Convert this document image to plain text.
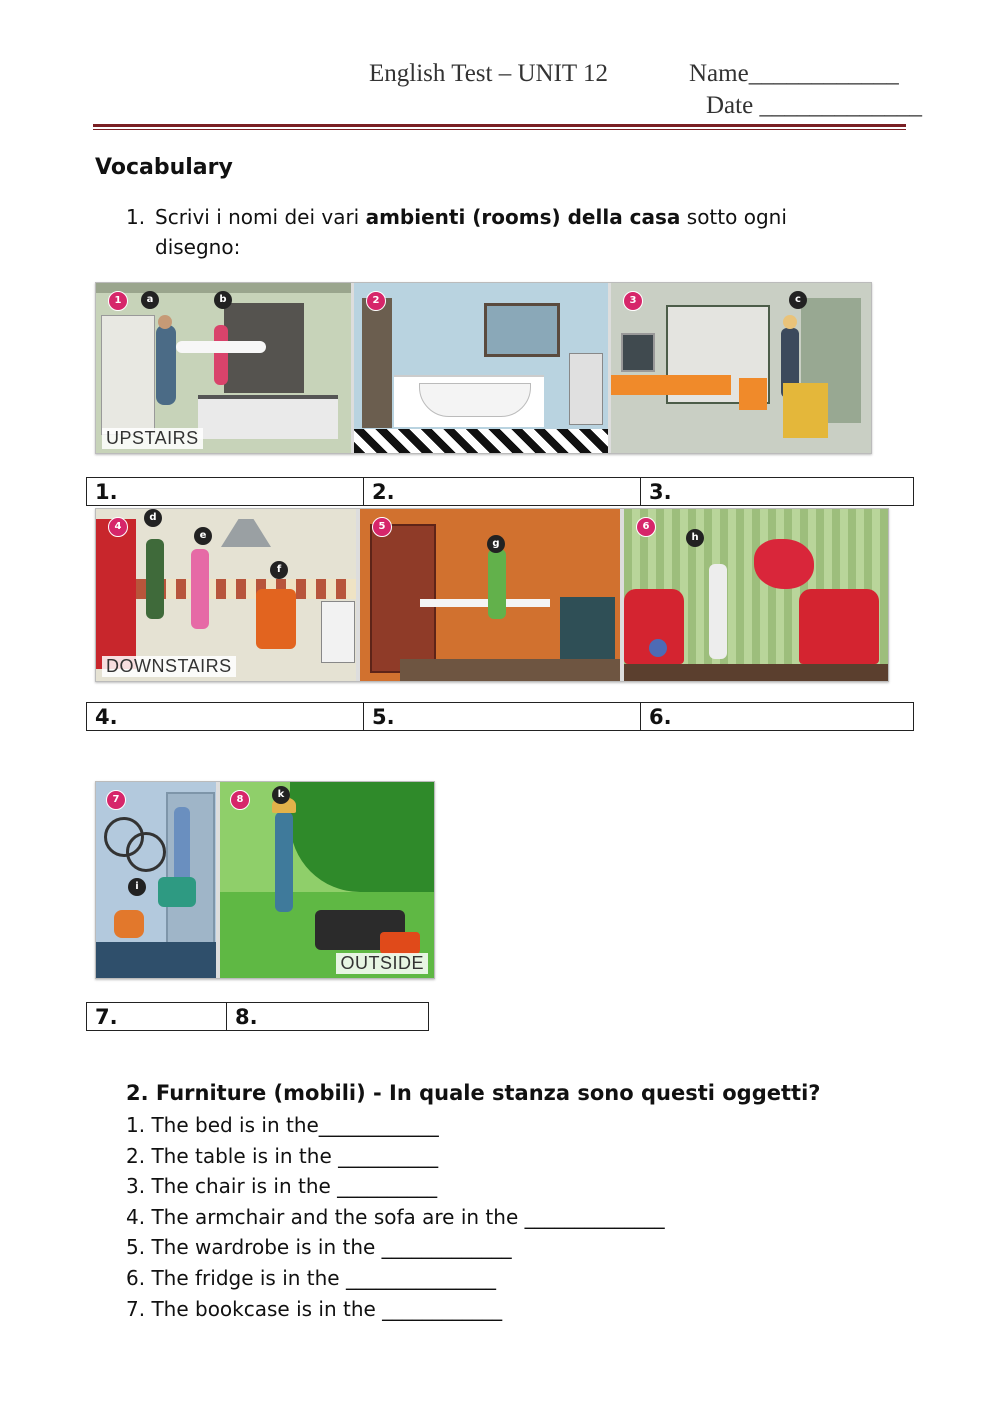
English Test – UNIT 12	Name____________
Date _____________
Vocabulary
1. Scrivi i nomi dei vari ambienti (rooms) della casa sotto ogni
disegno:
1	a	b
UPSTAIRS
2	3	c
1.	2.	3.
4
d
e
f
DOWNSTAIRS
5
g
6
h
4.	5.	6.
7
i
8	k
OUTSIDE
7.	8.
2. Furniture (mobili) - In quale stanza sono questi oggetti?
1. The bed is in the____________
2. The table is in the __________
3. The chair is in the __________
4. The armchair and the sofa are in the ______________
5. The wardrobe is in the _____________
6. The fridge is in the _______________
7. The bookcase is in the ____________
